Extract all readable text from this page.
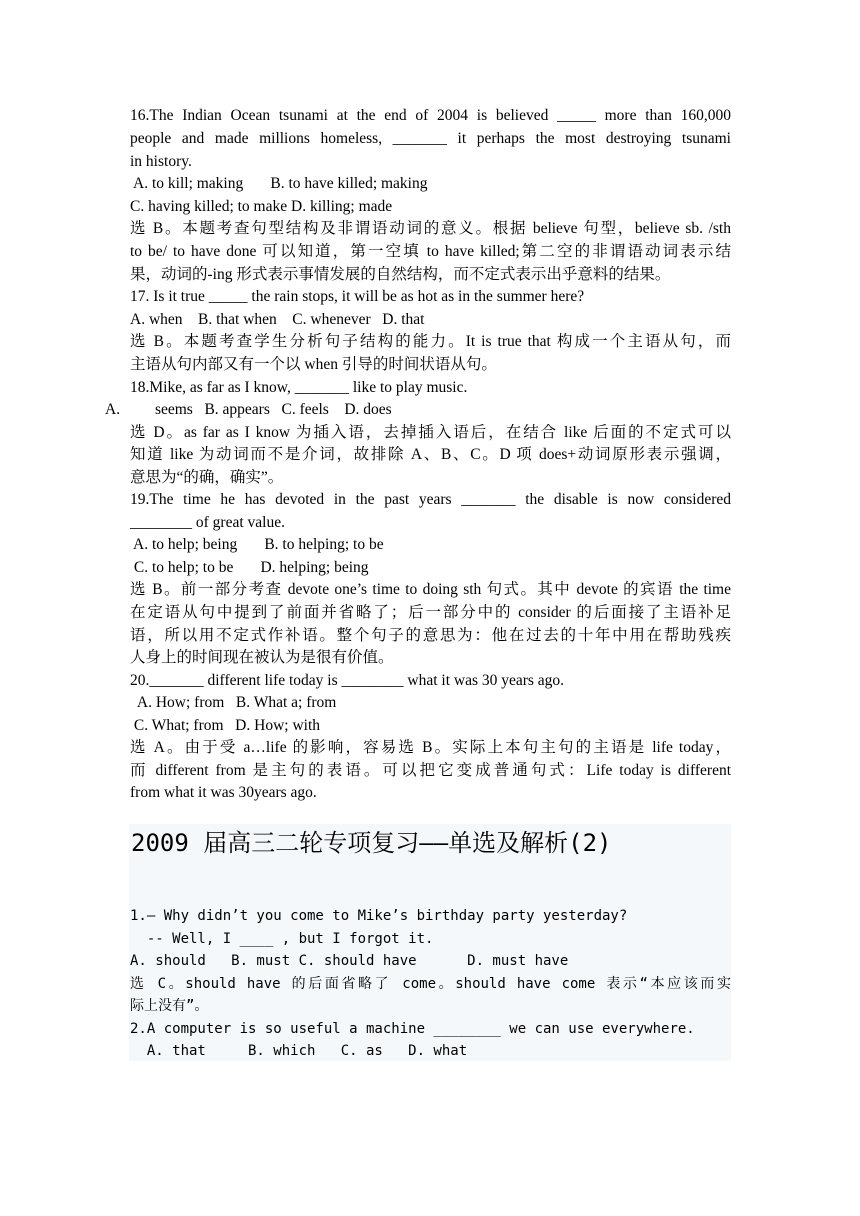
16.The Indian Ocean tsunami at the end of 2004 is believed _____ more than 160,000
people and made millions homeless, _______ it perhaps the most destroying tsunami
in history.
A. to kill; making       B. to have killed; making
C. having killed; to make D. killing; made
选 B。本题考查句型结构及非谓语动词的意义。根据 believe 句型，believe sb. /sth
to be/ to have done 可以知道，第一空填 to have killed;第二空的非谓语动词表示结
果，动词的-ing 形式表示事情发展的自然结构，而不定式表示出乎意料的结果。
17. Is it true _____ the rain stops, it will be as hot as in the summer here?
A. when    B. that when    C. whenever   D. that
选 B。本题考查学生分析句子结构的能力。It is true that 构成一个主语从句，而
主语从句内部又有一个以 when 引导的时间状语从句。
18.Mike, as far as I know, _______ like to play music.
A.         seems   B. appears   C. feels    D. does
选 D。as far as I know 为插入语，去掉插入语后，在结合 like 后面的不定式可以
知道 like 为动词而不是介词，故排除 A、B、C。D 项 does+动词原形表示强调，
意思为“的确，确实”。
19.The time he has devoted in the past years _______ the disable is now considered
________ of great value.
A. to help; being       B. to helping; to be
C. to help; to be       D. helping; being
选 B。前一部分考查 devote one’s time to doing sth 句式。其中 devote 的宾语 the time
在定语从句中提到了前面并省略了；后一部分中的 consider 的后面接了主语补足
语，所以用不定式作补语。整个句子的意思为：他在过去的十年中用在帮助残疾
人身上的时间现在被认为是很有价值。
20._______ different life today is ________ what it was 30 years ago.
A. How; from   B. What a; from
C. What; from   D. How; with
选 A。由于受 a…life 的影响，容易选 B。实际上本句主句的主语是 life today，
而 different from 是主句的表语。可以把它变成普通句式：Life today is different
from what it was 30years ago.
2009 届高三二轮专项复习——单选及解析(2)
1.— Why didn’t you come to Mike’s birthday party yesterday?
-- Well, I ____ , but I forgot it.
A. should   B. must C. should have      D. must have
选 C。should have 的后面省略了 come。should have come 表示“本应该而实
际上没有”。
2.A computer is so useful a machine ________ we can use everywhere.
A. that     B. which   C. as   D. what
